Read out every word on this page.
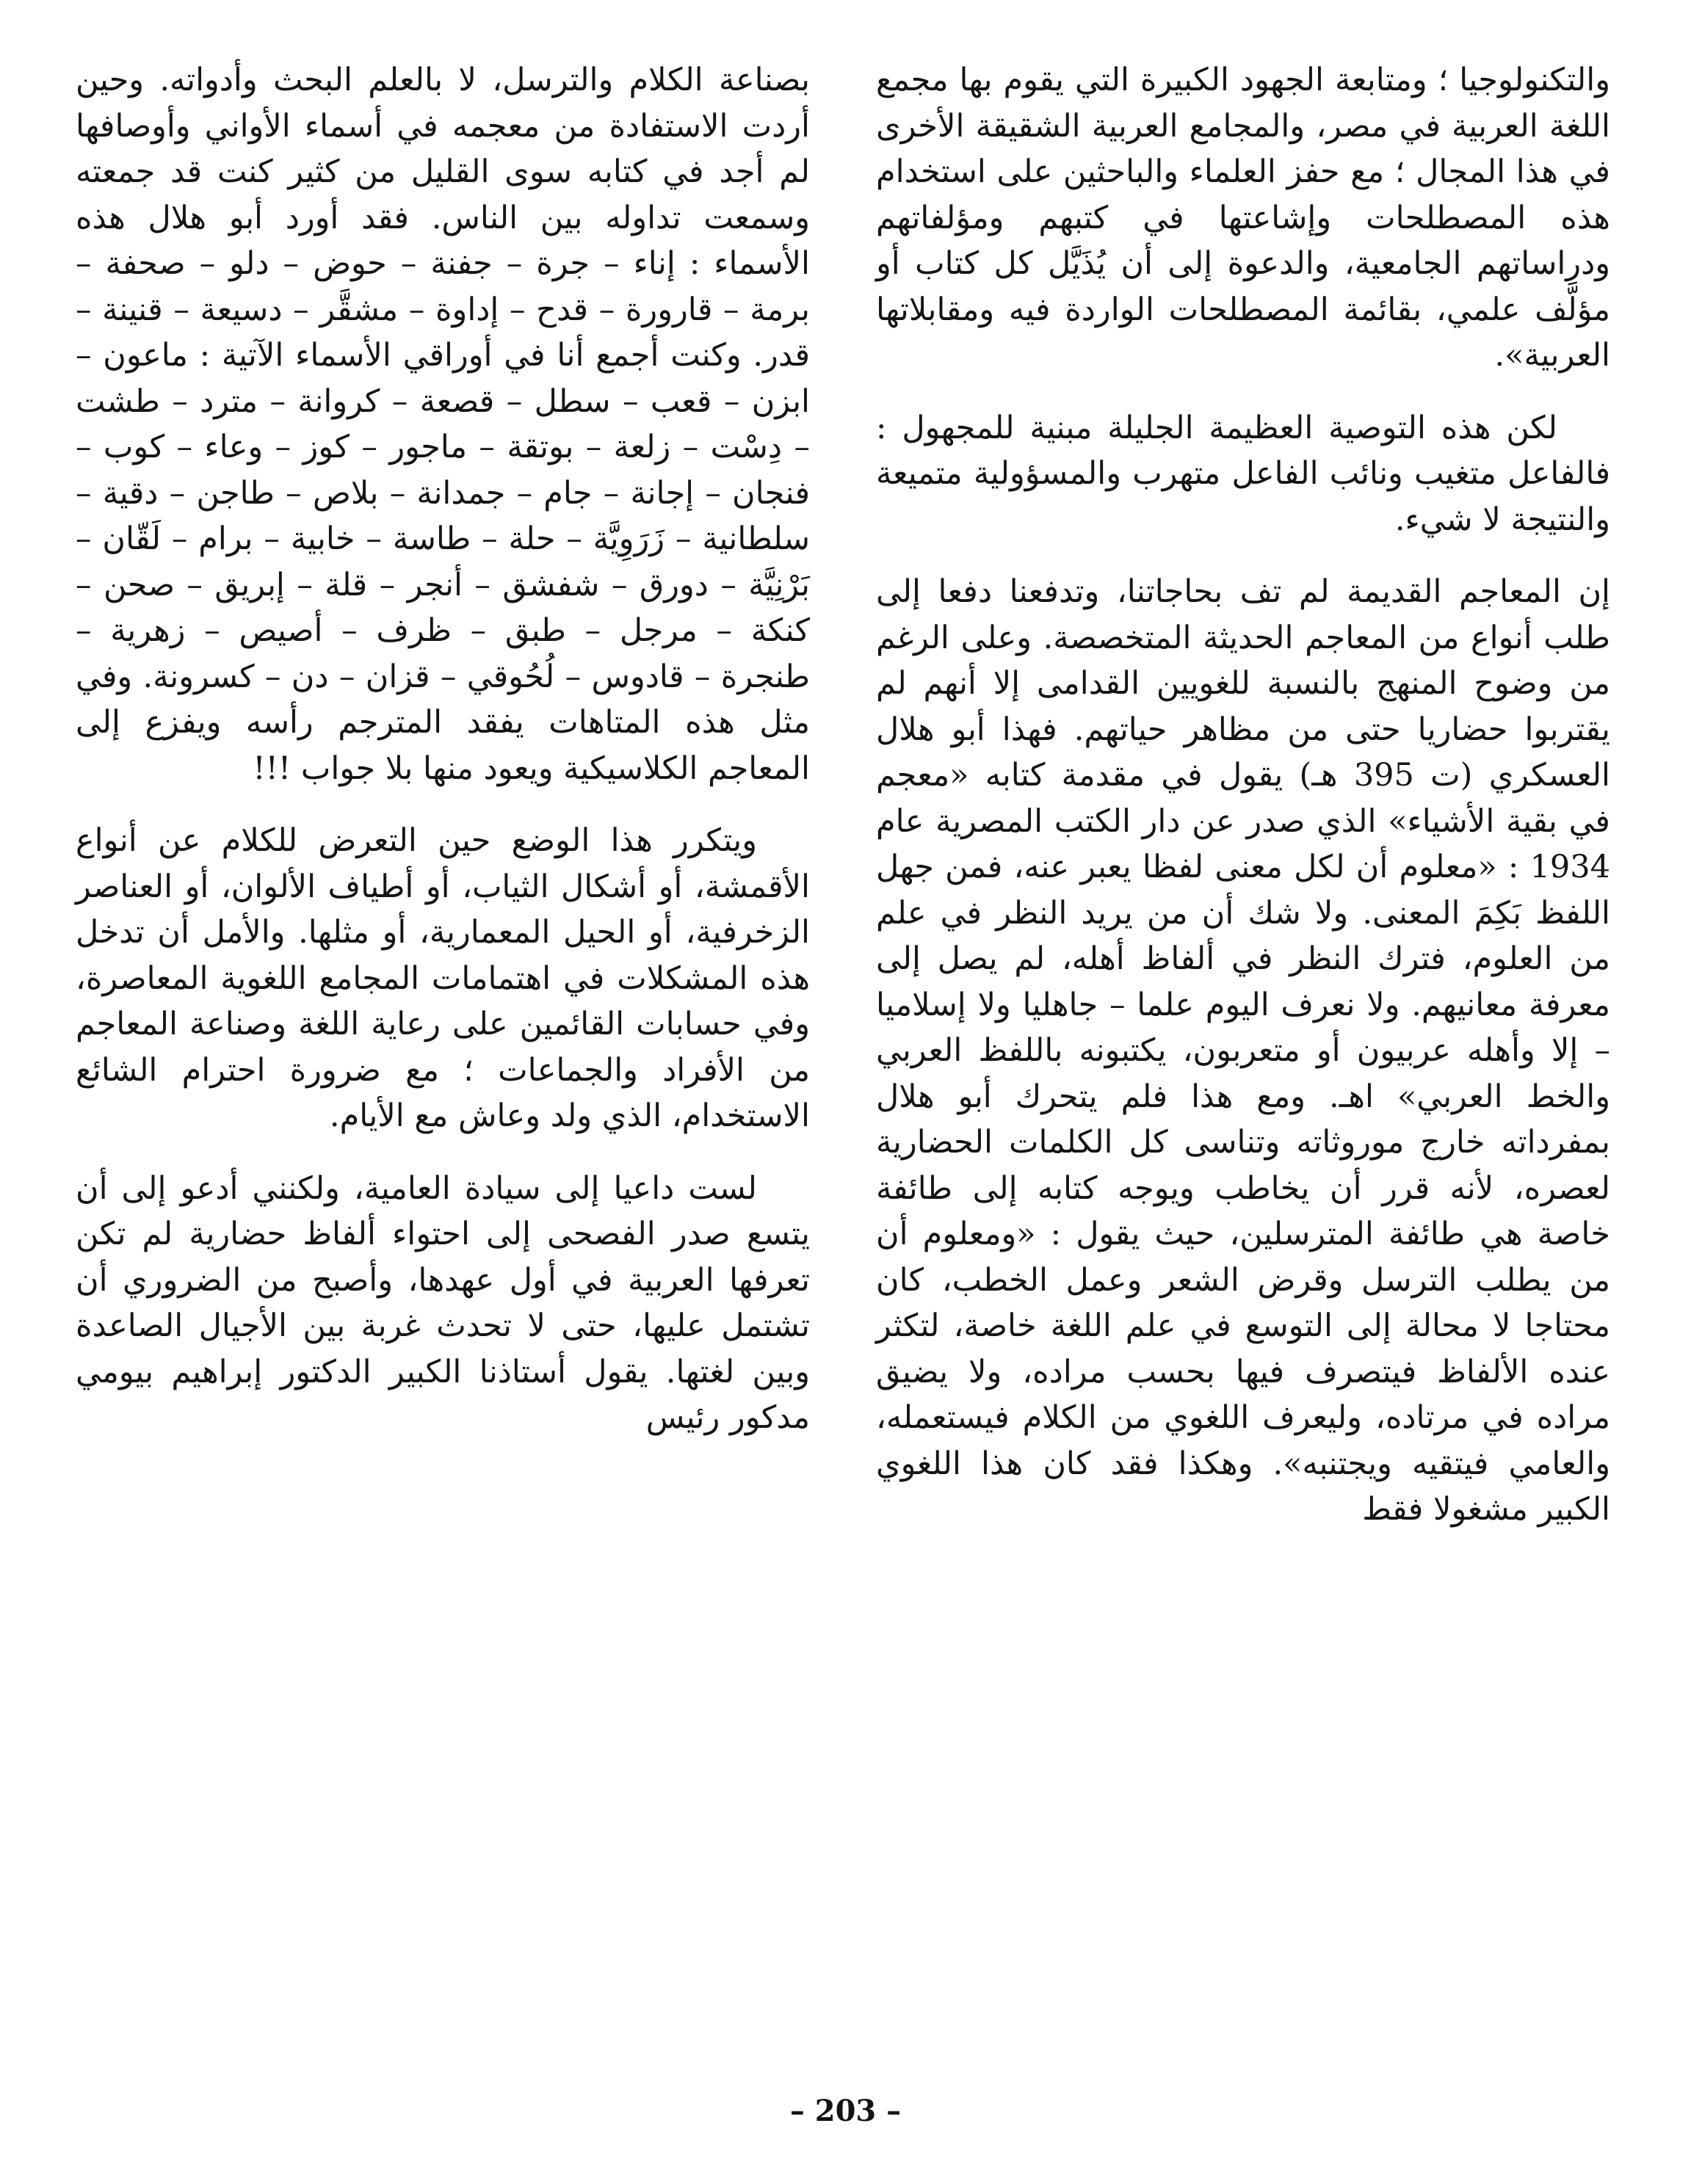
والتكنولوجيا ؛ ومتابعة الجهود الكبيرة التي يقوم بها مجمع اللغة العربية في مصر، والمجامع العربية الشقيقة الأخرى في هذا المجال ؛ مع حفز العلماء والباحثين على استخدام هذه المصطلحات وإشاعتها في كتبهم ومؤلفاتهم ودراساتهم الجامعية، والدعوة إلى أن يُذَيَّل كل كتاب أو مؤلَّف علمي، بقائمة المصطلحات الواردة فيه ومقابلاتها العربية».

لكن هذه التوصية العظيمة الجليلة مبنية للمجهول : فالفاعل متغيب ونائب الفاعل متهرب والمسؤولية متميعة والنتيجة لا شيء.

إن المعاجم القديمة لم تف بحاجاتنا، وتدفعنا دفعا إلى طلب أنواع من المعاجم الحديثة المتخصصة. وعلى الرغم من وضوح المنهج بالنسبة للغويين القدامى إلا أنهم لم يقتربوا حضاريا حتى من مظاهر حياتهم. فهذا أبو هلال العسكري (ت 395 هـ) يقول في مقدمة كتابه «معجم في بقية الأشياء» الذي صدر عن دار الكتب المصرية عام 1934 : «معلوم أن لكل معنى لفظا يعبر عنه، فمن جهل اللفظ بَكِمَ المعنى. ولا شك أن من يريد النظر في علم من العلوم، فترك النظر في ألفاظ أهله، لم يصل إلى معرفة معانيهم. ولا نعرف اليوم علما – جاهليا ولا إسلاميا – إلا وأهله عربيون أو متعربون، يكتبونه باللفظ العربي والخط العربي» اهـ. ومع هذا فلم يتحرك أبو هلال بمفرداته خارج موروثاته وتناسى كل الكلمات الحضارية لعصره، لأنه قرر أن يخاطب ويوجه كتابه إلى طائفة خاصة هي طائفة المترسلين، حيث يقول : «ومعلوم أن من يطلب الترسل وقرض الشعر وعمل الخطب، كان محتاجا لا محالة إلى التوسع في علم اللغة خاصة، لتكثر عنده الألفاظ فيتصرف فيها بحسب مراده، ولا يضيق مراده في مرتاده، وليعرف اللغوي من الكلام فيستعمله، والعامي فيتقيه ويجتنبه». وهكذا فقد كان هذا اللغوي الكبير مشغولا فقط

بصناعة الكلام والترسل، لا بالعلم البحث وأدواته. وحين أردت الاستفادة من معجمه في أسماء الأواني وأوصافها لم أجد في كتابه سوى القليل من كثير كنت قد جمعته وسمعت تداوله بين الناس. فقد أورد أبو هلال هذه الأسماء : إناء – جرة – جفنة – حوض – دلو – صحفة – برمة – قارورة – قدح – إداوة – مشقَّر – دسيعة – قنينة – قدر. وكنت أجمع أنا في أوراقي الأسماء الآتية : ماعون – ابزن – قعب – سطل – قصعة – كروانة – مترد – طشت – دِسْت – زلعة – بوتقة – ماجور – كوز – وعاء – كوب – فنجان – إجانة – جام – جمدانة – بلاص – طاجن – دقية – سلطانية – زَرَوِيَّة – حلة – طاسة – خابية – برام – لَقّان – بَرْنِيَّة – دورق – شفشق – أنجر – قلة – إبريق – صحن – كنكة – مرجل – طبق – ظرف – أصيص – زهرية – طنجرة – قادوس – لُحُوقي – قزان – دن – كسرونة. وفي مثل هذه المتاهات يفقد المترجم رأسه ويفزع إلى المعاجم الكلاسيكية ويعود منها بلا جواب !!!

ويتكرر هذا الوضع حين التعرض للكلام عن أنواع الأقمشة، أو أشكال الثياب، أو أطياف الألوان، أو العناصر الزخرفية، أو الحيل المعمارية، أو مثلها. والأمل أن تدخل هذه المشكلات في اهتمامات المجامع اللغوية المعاصرة، وفي حسابات القائمين على رعاية اللغة وصناعة المعاجم من الأفراد والجماعات ؛ مع ضرورة احترام الشائع الاستخدام، الذي ولد وعاش مع الأيام.

لست داعيا إلى سيادة العامية، ولكنني أدعو إلى أن يتسع صدر الفصحى إلى احتواء ألفاظ حضارية لم تكن تعرفها العربية في أول عهدها، وأصبح من الضروري أن تشتمل عليها، حتى لا تحدث غربة بين الأجيال الصاعدة وبين لغتها. يقول أستاذنا الكبير الدكتور إبراهيم بيومي مدكور رئيس

– 203 –
